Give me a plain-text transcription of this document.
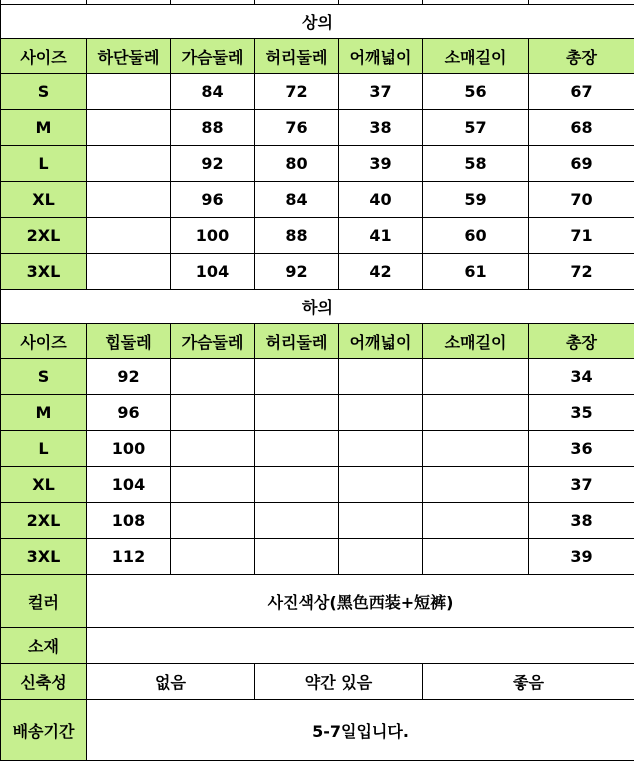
상의						
사이즈	하단둘레	가슴둘레	허리둘레	어깨넓이	소매길이	총장
S		84	72	37	56	67
M		88	76	38	57	68
L		92	80	39	58	69
XL		96	84	40	59	70
2XL		100	88	41	60	71
3XL		104	92	42	61	72
하의						
사이즈	힙둘레	가슴둘레	허리둘레	어깨넓이	소매길이	총장
S	92					34
M	96					35
L	100					36
XL	104					37
2XL	108					38
3XL	112					39
컬러	사진색상(黑色西装+短裤)					
소재						
신축성	없음		약간 있음		좋음	
배송기간	5-7일입니다.					
